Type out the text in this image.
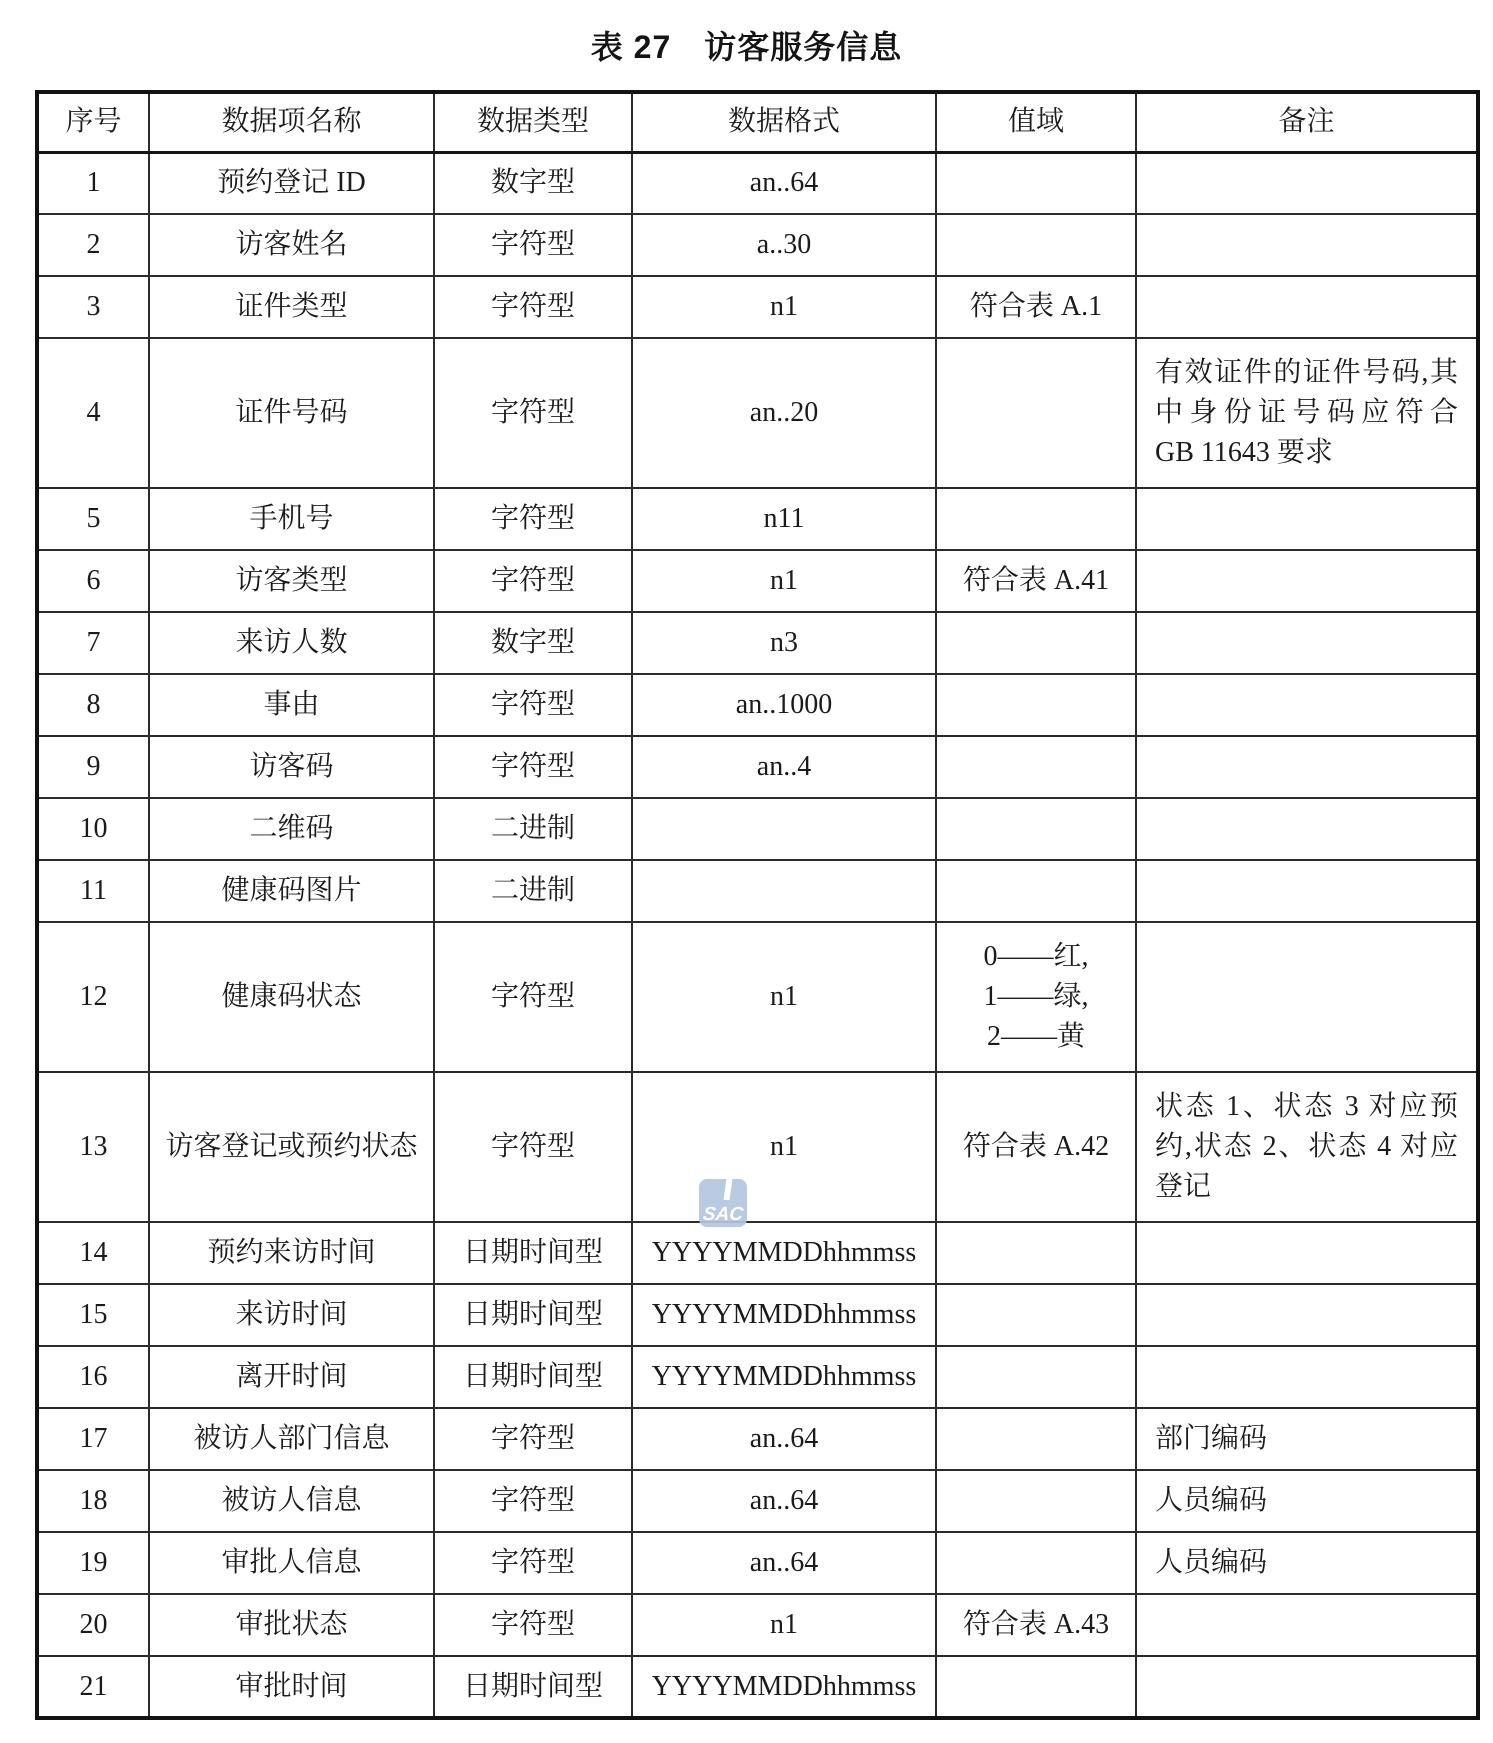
表 27　访客服务信息
序号	数据项名称	数据类型	数据格式	值域	备注
1	预约登记 ID	数字型	an..64		
2	访客姓名	字符型	a..30		
3	证件类型	字符型	n1	符合表 A.1	
4	证件号码	字符型	an..20		有效证件的证件号码,其
中身份证号码应符合
GB 11643 要求

5	手机号	字符型	n11		
6	访客类型	字符型	n1	符合表 A.41	
7	来访人数	数字型	n3		
8	事由	字符型	an..1000		
9	访客码	字符型	an..4		
10	二维码	二进制			
11	健康码图片	二进制			
12	健康码状态	字符型	n1	0——红,
1——绿,
2——黄	

13	访客登记或预约状态	字符型	n1	符合表 A.42	状态 1、状态 3 对应预
约,状态 2、状态 4 对应
登记

14	预约来访时间	日期时间型	YYYYMMDDhhmmss		
15	来访时间	日期时间型	YYYYMMDDhhmmss		
16	离开时间	日期时间型	YYYYMMDDhhmmss		
17	被访人部门信息	字符型	an..64		部门编码
18	被访人信息	字符型	an..64		人员编码
19	审批人信息	字符型	an..64		人员编码
20	审批状态	字符型	n1	符合表 A.43	
21	审批时间	日期时间型	YYYYMMDDhhmmss		
SAC
